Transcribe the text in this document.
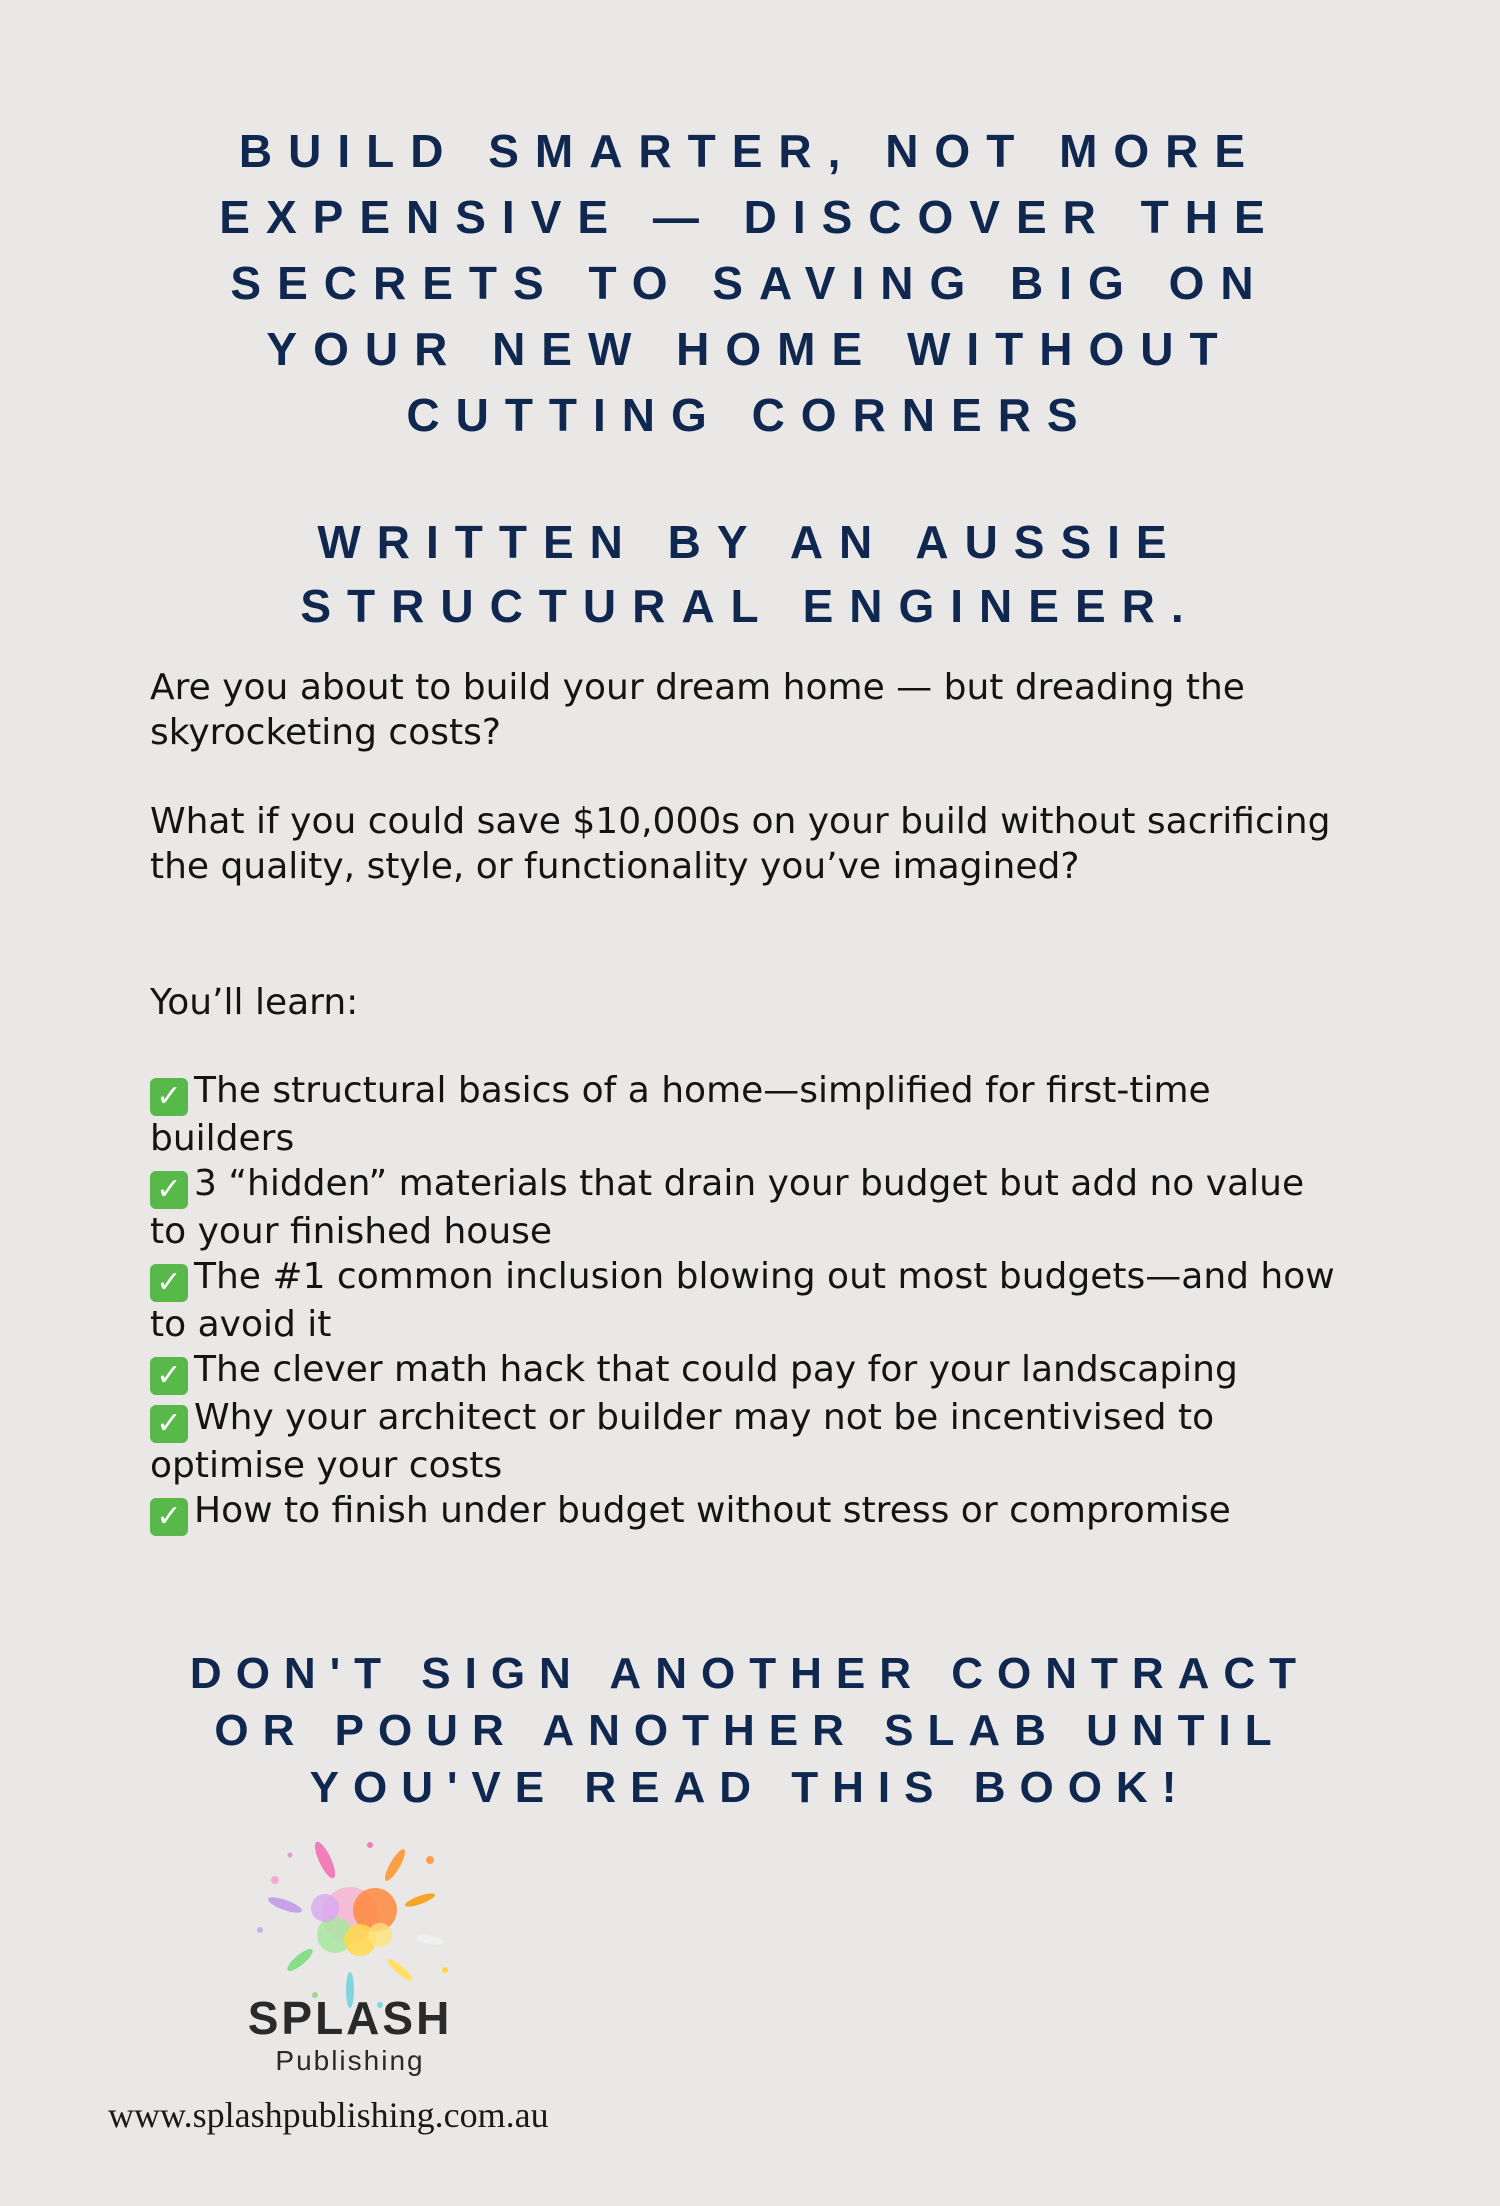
BUILD SMARTER, NOT MORE EXPENSIVE — DISCOVER THE SECRETS TO SAVING BIG ON YOUR NEW HOME WITHOUT CUTTING CORNERS
WRITTEN BY AN AUSSIE STRUCTURAL ENGINEER.

Are you about to build your dream home — but dreading the skyrocketing costs?

What if you could save $10,000s on your build without sacrificing the quality, style, or functionality you’ve imagined?

You’ll learn:

✓ The structural basics of a home—simplified for first-time builders
✓ 3 “hidden” materials that drain your budget but add no value to your finished house
✓ The #1 common inclusion blowing out most budgets—and how to avoid it
✓ The clever math hack that could pay for your landscaping
✓ Why your architect or builder may not be incentivised to optimise your costs
✓ How to finish under budget without stress or compromise
DON'T SIGN ANOTHER CONTRACT OR POUR ANOTHER SLAB UNTIL YOU'VE READ THIS BOOK!
SPLASH
Publishing
www.splashpublishing.com.au
